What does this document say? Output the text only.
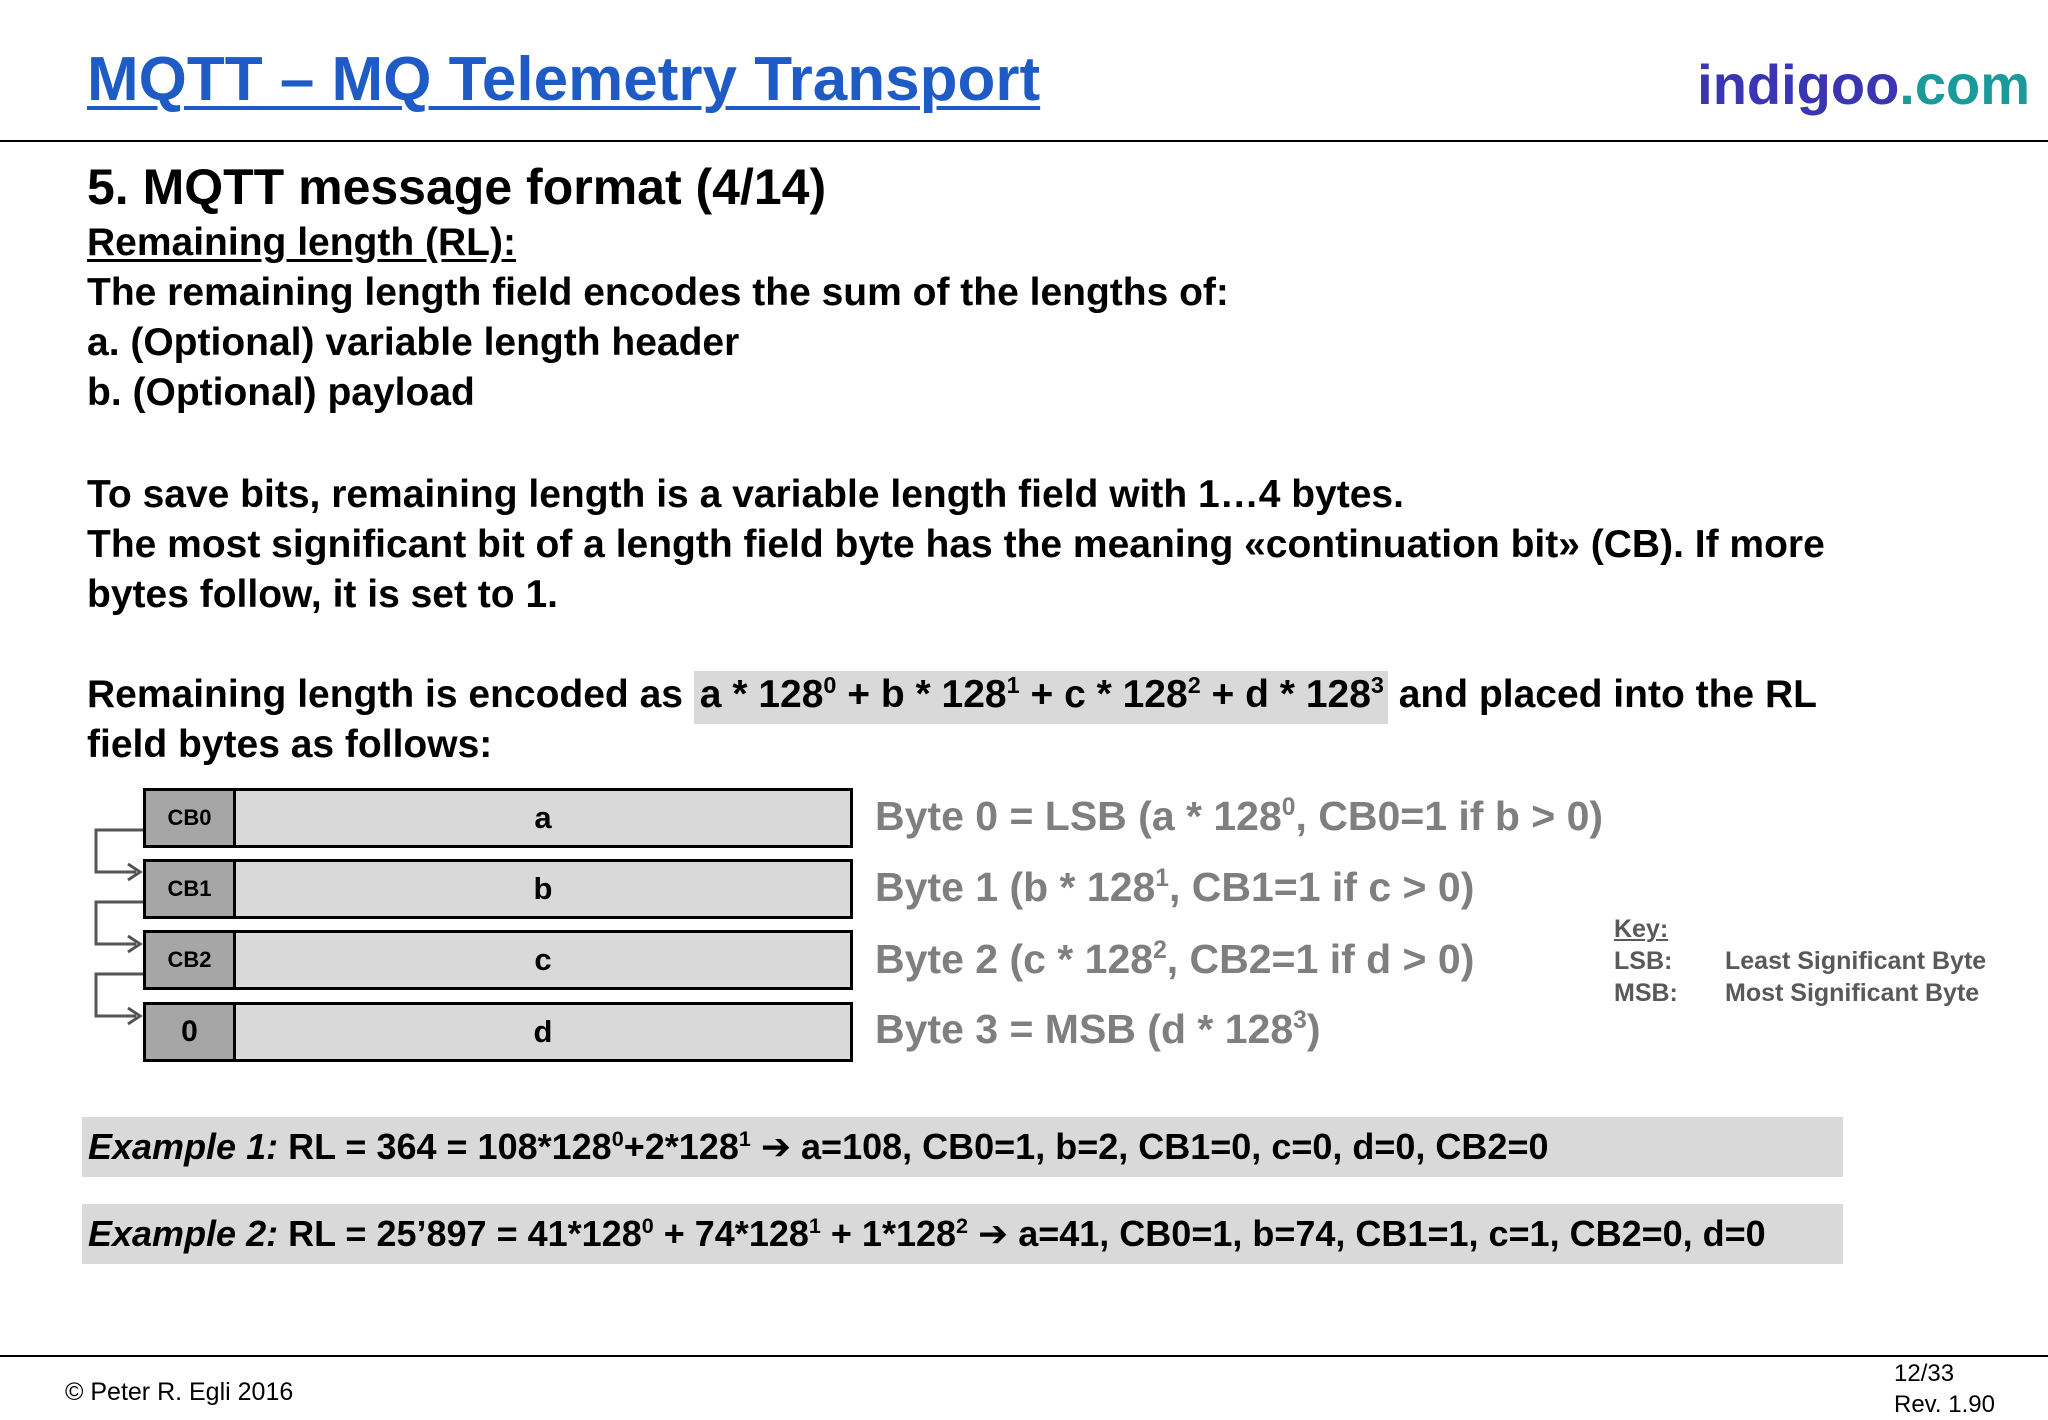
MQTT – MQ Telemetry Transport	indigoo.com
5. MQTT message format (4/14)
Remaining length (RL):
The remaining length field encodes the sum of the lengths of:
a. (Optional) variable length header
b. (Optional) payload
To save bits, remaining length is a variable length field with 1…4 bytes.
The most significant bit of a length field byte has the meaning «continuation bit» (CB). If more
bytes follow, it is set to 1.
Remaining length is encoded as $a * 128^0 + b * 128^1 + c * 128^2 + d * 128^3$ and placed into the RL
field bytes as follows:
CB0	a
CB1	b
CB2	c
0	d
Byte 0 = LSB ($a * 128^0$, CB0=1 if b > 0)
Byte 1 ($b * 128^1$, CB1=1 if c > 0)
Byte 2 ($c * 128^2$, CB2=1 if d > 0)
Byte 3 = MSB $(d * 128^3)$
Key:
LSB:	Least Significant Byte
MSB:	Most Significant Byte
Example 1: RL = $364 = 108*128^0+2*128^1$ ➔ a=108, CB0=1, b=2, CB1=0, c=0, d=0, CB2=0
Example 2: RL = 25’897 = $41*128^0 + 74*128^1 + 1*128^2$ ➔ a=41, CB0=1, b=74, CB1=1, c=1, CB2=0, d=0
© Peter R. Egli 2016
12/33
Rev. 1.90
